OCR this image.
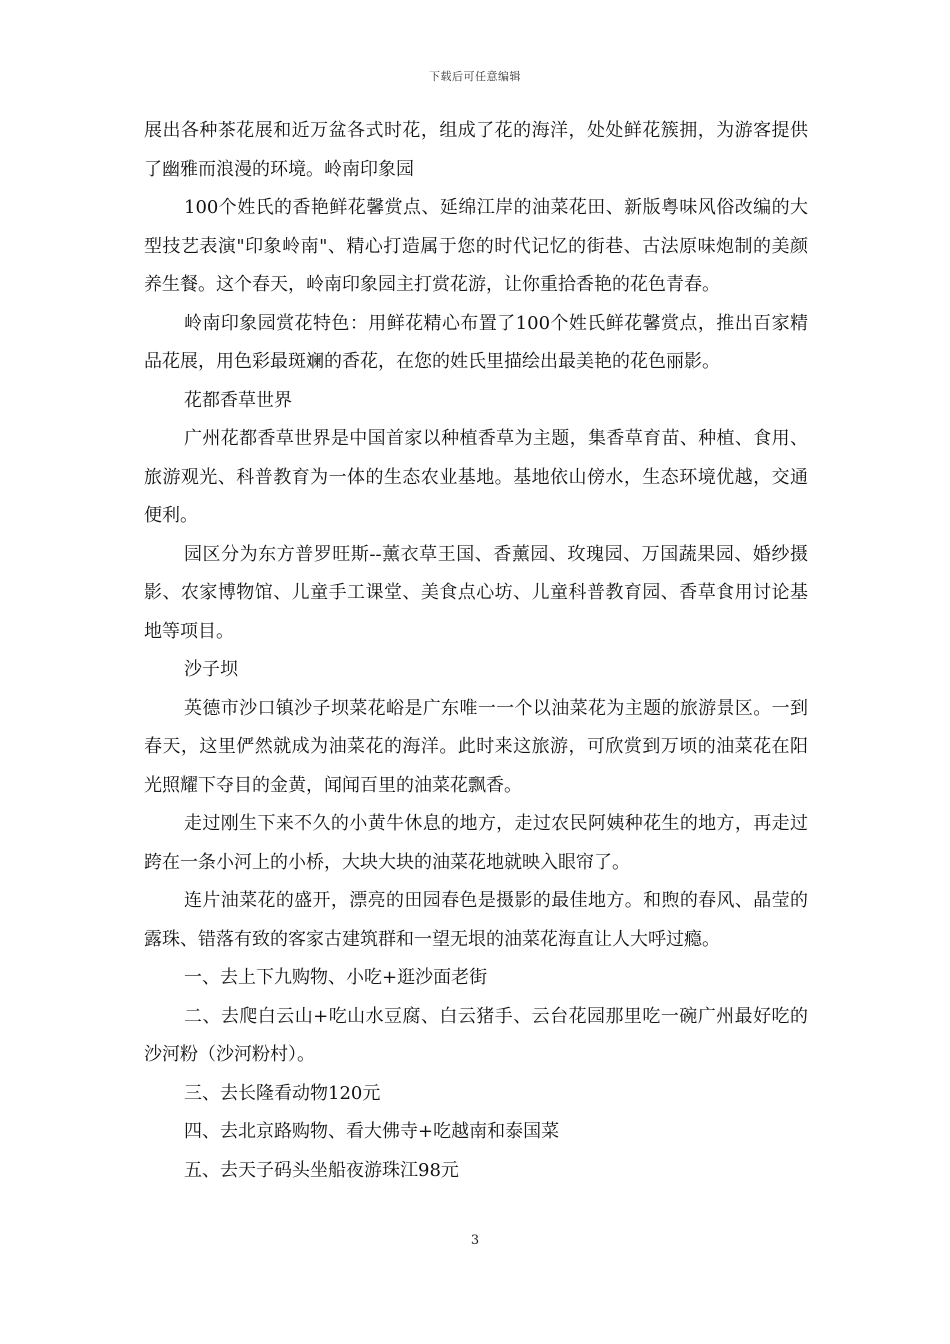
下载后可任意编辑

展出各种茶花展和近万盆各式时花，组成了花的海洋，处处鲜花簇拥，为游客提供了幽雅而浪漫的环境。岭南印象园

100个姓氏的香艳鲜花馨赏点、延绵江岸的油菜花田、新版粤味风俗改编的大型技艺表演"印象岭南"、精心打造属于您的时代记忆的街巷、古法原味炮制的美颜养生餐。这个春天，岭南印象园主打赏花游，让你重拾香艳的花色青春。

岭南印象园赏花特色：用鲜花精心布置了100个姓氏鲜花馨赏点，推出百家精品花展，用色彩最斑斓的香花，在您的姓氏里描绘出最美艳的花色丽影。

花都香草世界

广州花都香草世界是中国首家以种植香草为主题，集香草育苗、种植、食用、旅游观光、科普教育为一体的生态农业基地。基地依山傍水，生态环境优越，交通便利。

园区分为东方普罗旺斯--薰衣草王国、香薰园、玫瑰园、万国蔬果园、婚纱摄影、农家博物馆、儿童手工课堂、美食点心坊、儿童科普教育园、香草食用讨论基地等项目。

沙子坝

英德市沙口镇沙子坝菜花峪是广东唯一一个以油菜花为主题的旅游景区。一到春天，这里俨然就成为油菜花的海洋。此时来这旅游，可欣赏到万顷的油菜花在阳光照耀下夺目的金黄，闻闻百里的油菜花飘香。

走过刚生下来不久的小黄牛休息的地方，走过农民阿姨种花生的地方，再走过跨在一条小河上的小桥，大块大块的油菜花地就映入眼帘了。

连片油菜花的盛开，漂亮的田园春色是摄影的最佳地方。和煦的春风、晶莹的露珠、错落有致的客家古建筑群和一望无垠的油菜花海直让人大呼过瘾。

一、去上下九购物、小吃+逛沙面老街

二、去爬白云山+吃山水豆腐、白云猪手、云台花园那里吃一碗广州最好吃的沙河粉（沙河粉村）。

三、去长隆看动物120元

四、去北京路购物、看大佛寺+吃越南和泰国菜

五、去天子码头坐船夜游珠江98元

3
